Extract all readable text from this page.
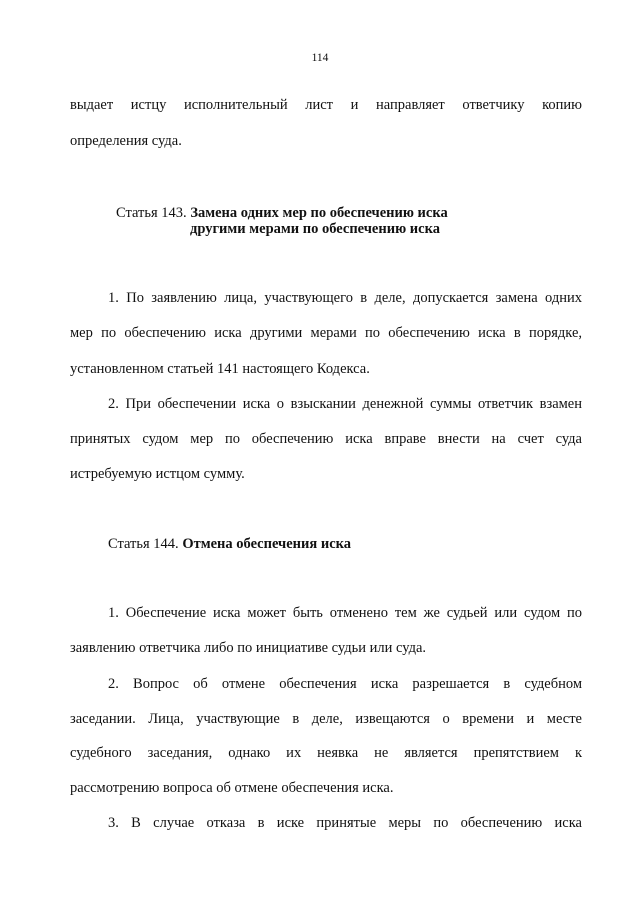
114
выдает истцу исполнительный лист и направляет ответчику копию
определения суда.
Статья 143. Замена одних мер по обеспечению иска
другими мерами по обеспечению иска
1. По заявлению лица, участвующего в деле, допускается замена одних
мер по обеспечению иска другими мерами по обеспечению иска в порядке,
установленном статьей 141 настоящего Кодекса.
2. При обеспечении иска о взыскании денежной суммы ответчик взамен
принятых судом мер по обеспечению иска вправе внести на счет суда
истребуемую истцом сумму.
Статья 144. Отмена обеспечения иска
1. Обеспечение иска может быть отменено тем же судьей или судом по
заявлению ответчика либо по инициативе судьи или суда.
2. Вопрос об отмене обеспечения иска разрешается в судебном
заседании. Лица, участвующие в деле, извещаются о времени и месте
судебного заседания, однако их неявка не является препятствием к
рассмотрению вопроса об отмене обеспечения иска.
3. В случае отказа в иске принятые меры по обеспечению иска
